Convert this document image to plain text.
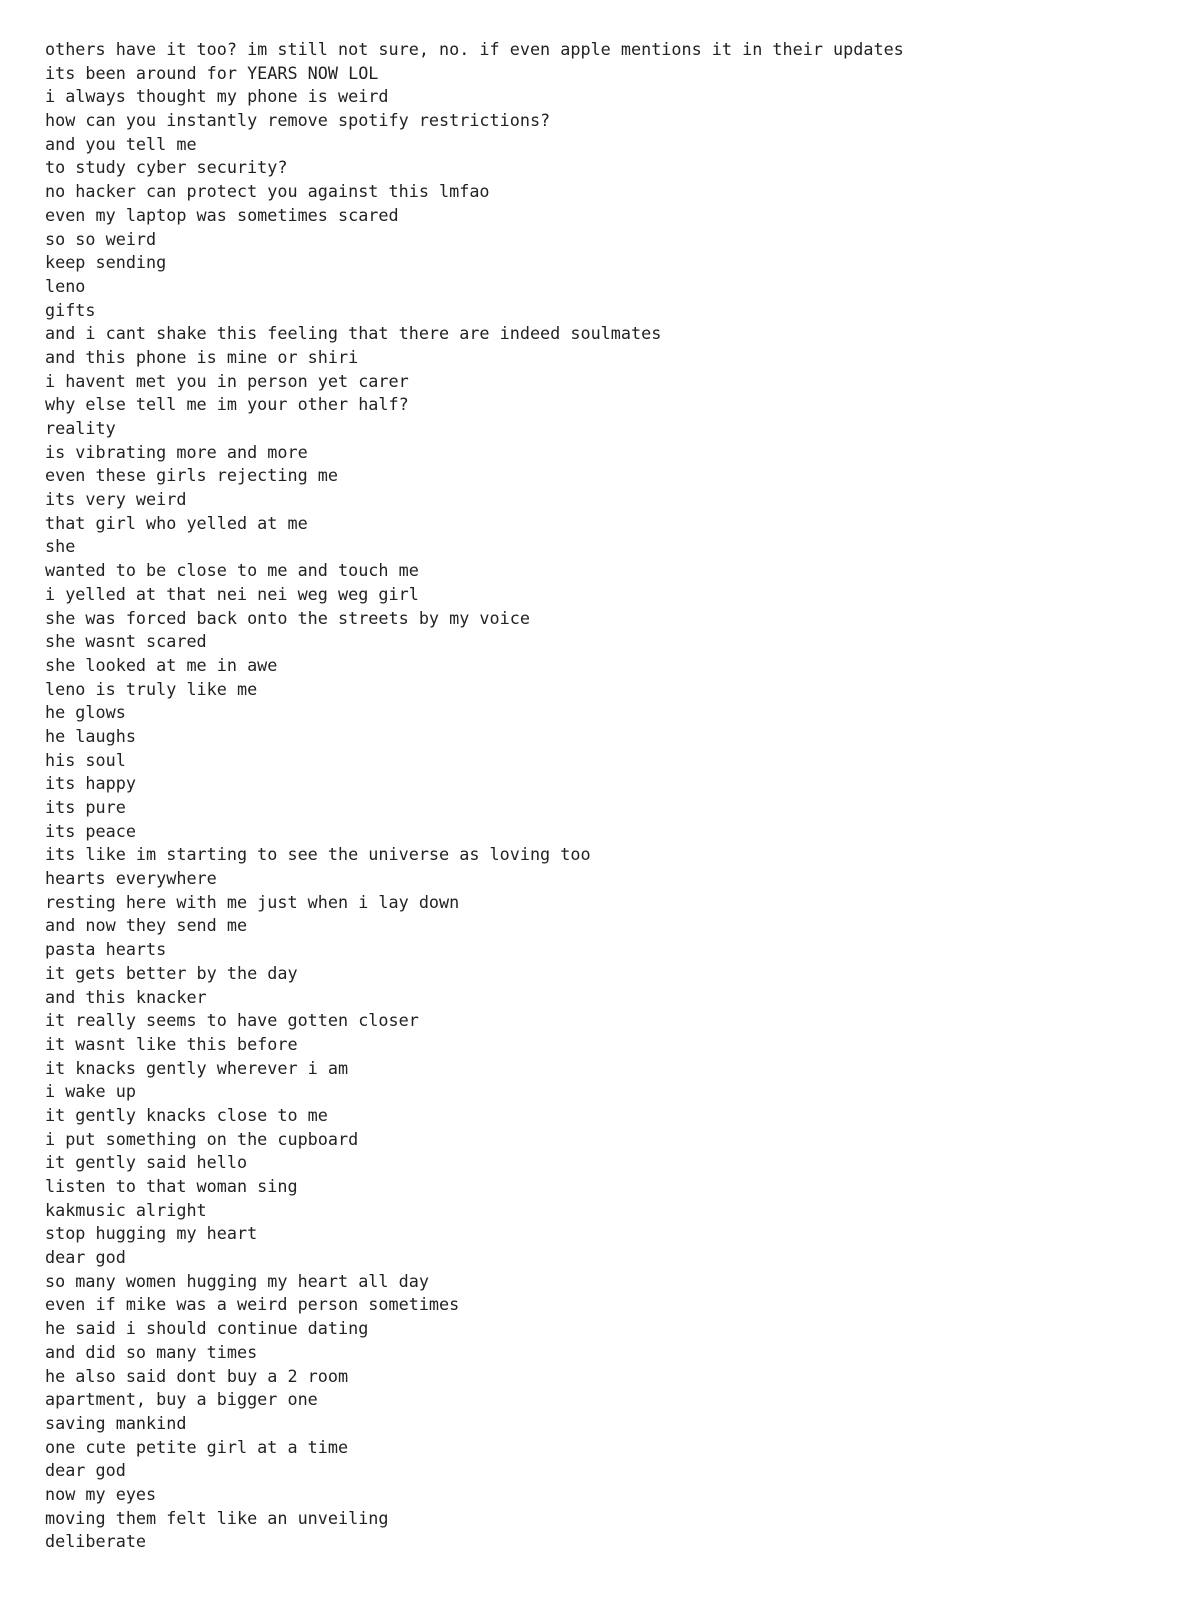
others have it too? im still not sure, no. if even apple mentions it in their updates
its been around for YEARS NOW LOL
i always thought my phone is weird
how can you instantly remove spotify restrictions?
and you tell me
to study cyber security?
no hacker can protect you against this lmfao
even my laptop was sometimes scared
so so weird
keep sending
leno
gifts
and i cant shake this feeling that there are indeed soulmates
and this phone is mine or shiri
i havent met you in person yet carer
why else tell me im your other half?
reality
is vibrating more and more
even these girls rejecting me
its very weird
that girl who yelled at me
she
wanted to be close to me and touch me
i yelled at that nei nei weg weg girl
she was forced back onto the streets by my voice
she wasnt scared
she looked at me in awe
leno is truly like me
he glows
he laughs
his soul
its happy
its pure
its peace
its like im starting to see the universe as loving too
hearts everywhere
resting here with me just when i lay down
and now they send me
pasta hearts
it gets better by the day
and this knacker
it really seems to have gotten closer
it wasnt like this before
it knacks gently wherever i am
i wake up
it gently knacks close to me
i put something on the cupboard
it gently said hello
listen to that woman sing
kakmusic alright
stop hugging my heart
dear god
so many women hugging my heart all day
even if mike was a weird person sometimes
he said i should continue dating
and did so many times
he also said dont buy a 2 room
apartment, buy a bigger one
saving mankind
one cute petite girl at a time
dear god
now my eyes
moving them felt like an unveiling
deliberate
